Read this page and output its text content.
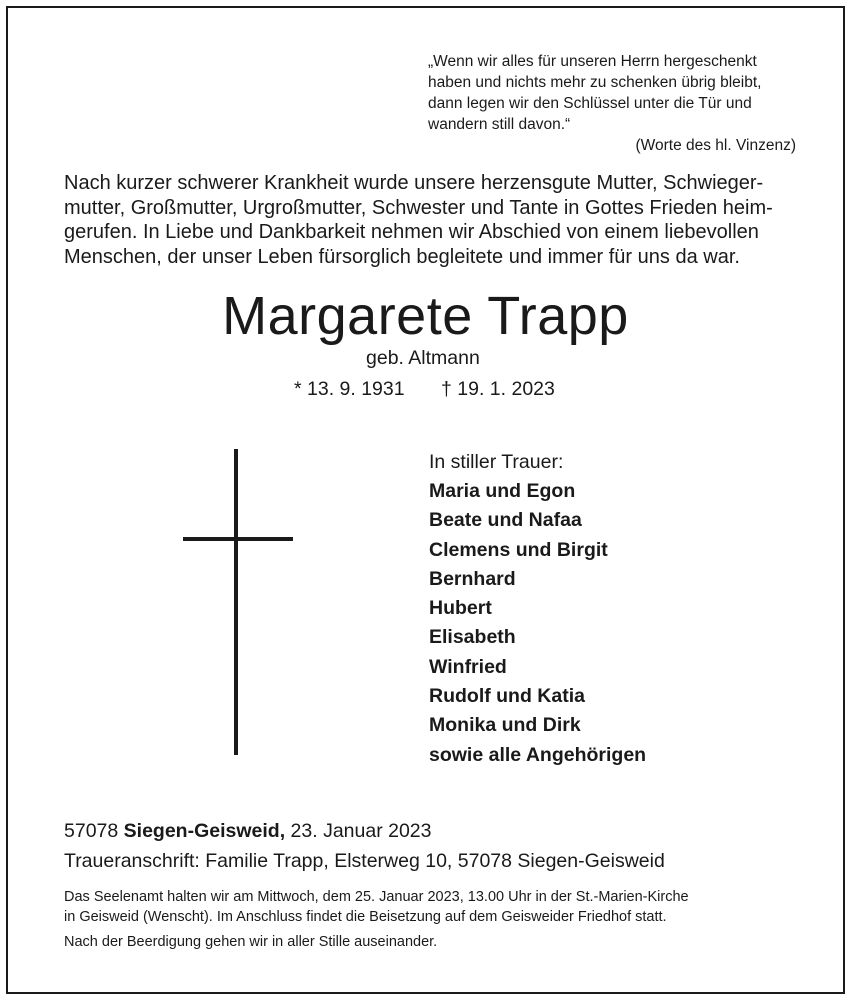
„Wenn wir alles für unseren Herrn hergeschenkt
haben und nichts mehr zu schenken übrig bleibt,
dann legen wir den Schlüssel unter die Tür und
wandern still davon.“
(Worte des hl. Vinzenz)
Nach kurzer schwerer Krankheit wurde unsere herzensgute Mutter, Schwieger-
mutter, Großmutter, Urgroßmutter, Schwester und Tante in Gottes Frieden heim-
gerufen. In Liebe und Dankbarkeit nehmen wir Abschied von einem liebevollen
Menschen, der unser Leben fürsorglich begleitete und immer für uns da war.
Margarete Trapp
geb. Altmann
* 13. 9. 1931 † 19. 1. 2023
In stiller Trauer:
Maria und Egon
Beate und Nafaa
Clemens und Birgit
Bernhard
Hubert
Elisabeth
Winfried
Rudolf und Katia
Monika und Dirk
sowie alle Angehörigen
57078 Siegen-Geisweid, 23. Januar 2023
Traueranschrift: Familie Trapp, Elsterweg 10, 57078 Siegen-Geisweid
Das Seelenamt halten wir am Mittwoch, dem 25. Januar 2023, 13.00 Uhr in der St.-Marien-Kirche
in Geisweid (Wenscht). Im Anschluss findet die Beisetzung auf dem Geisweider Friedhof statt.
Nach der Beerdigung gehen wir in aller Stille auseinander.
